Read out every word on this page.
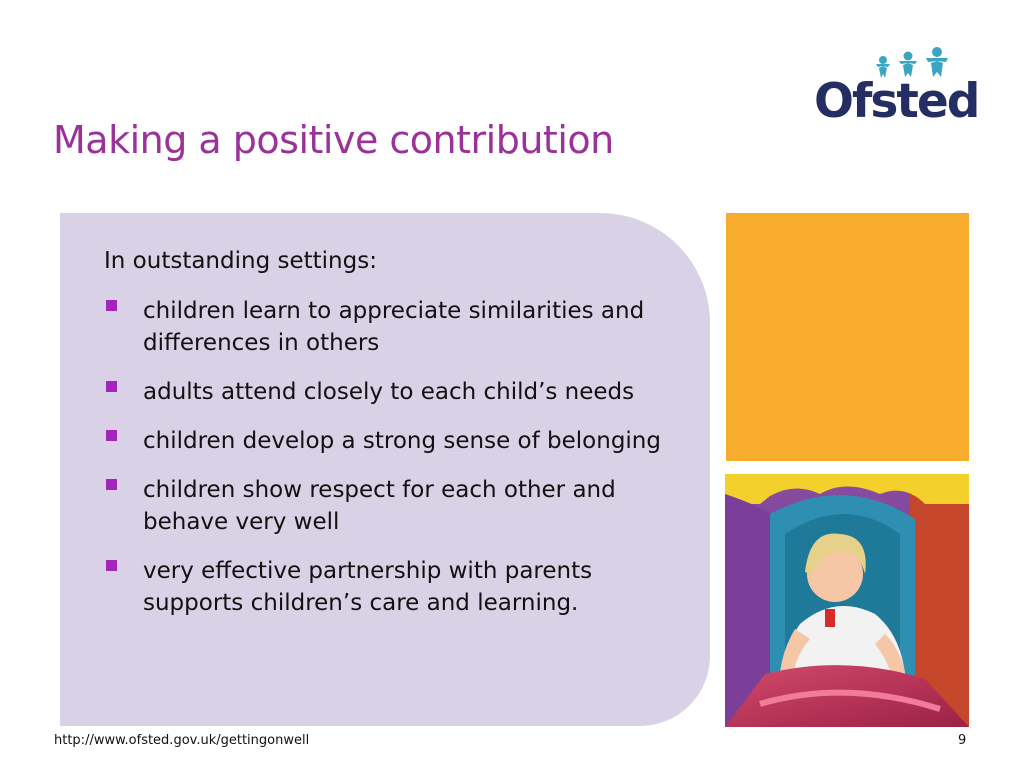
Making a positive contribution
Ofsted
In outstanding settings:
children learn to appreciate similarities and differences in others
adults attend closely to each child’s needs
children develop a strong sense of belonging
children show respect for each other and behave very well
very effective partnership with parents supports children’s care and learning.
http://www.ofsted.gov.uk/gettingonwell	9
